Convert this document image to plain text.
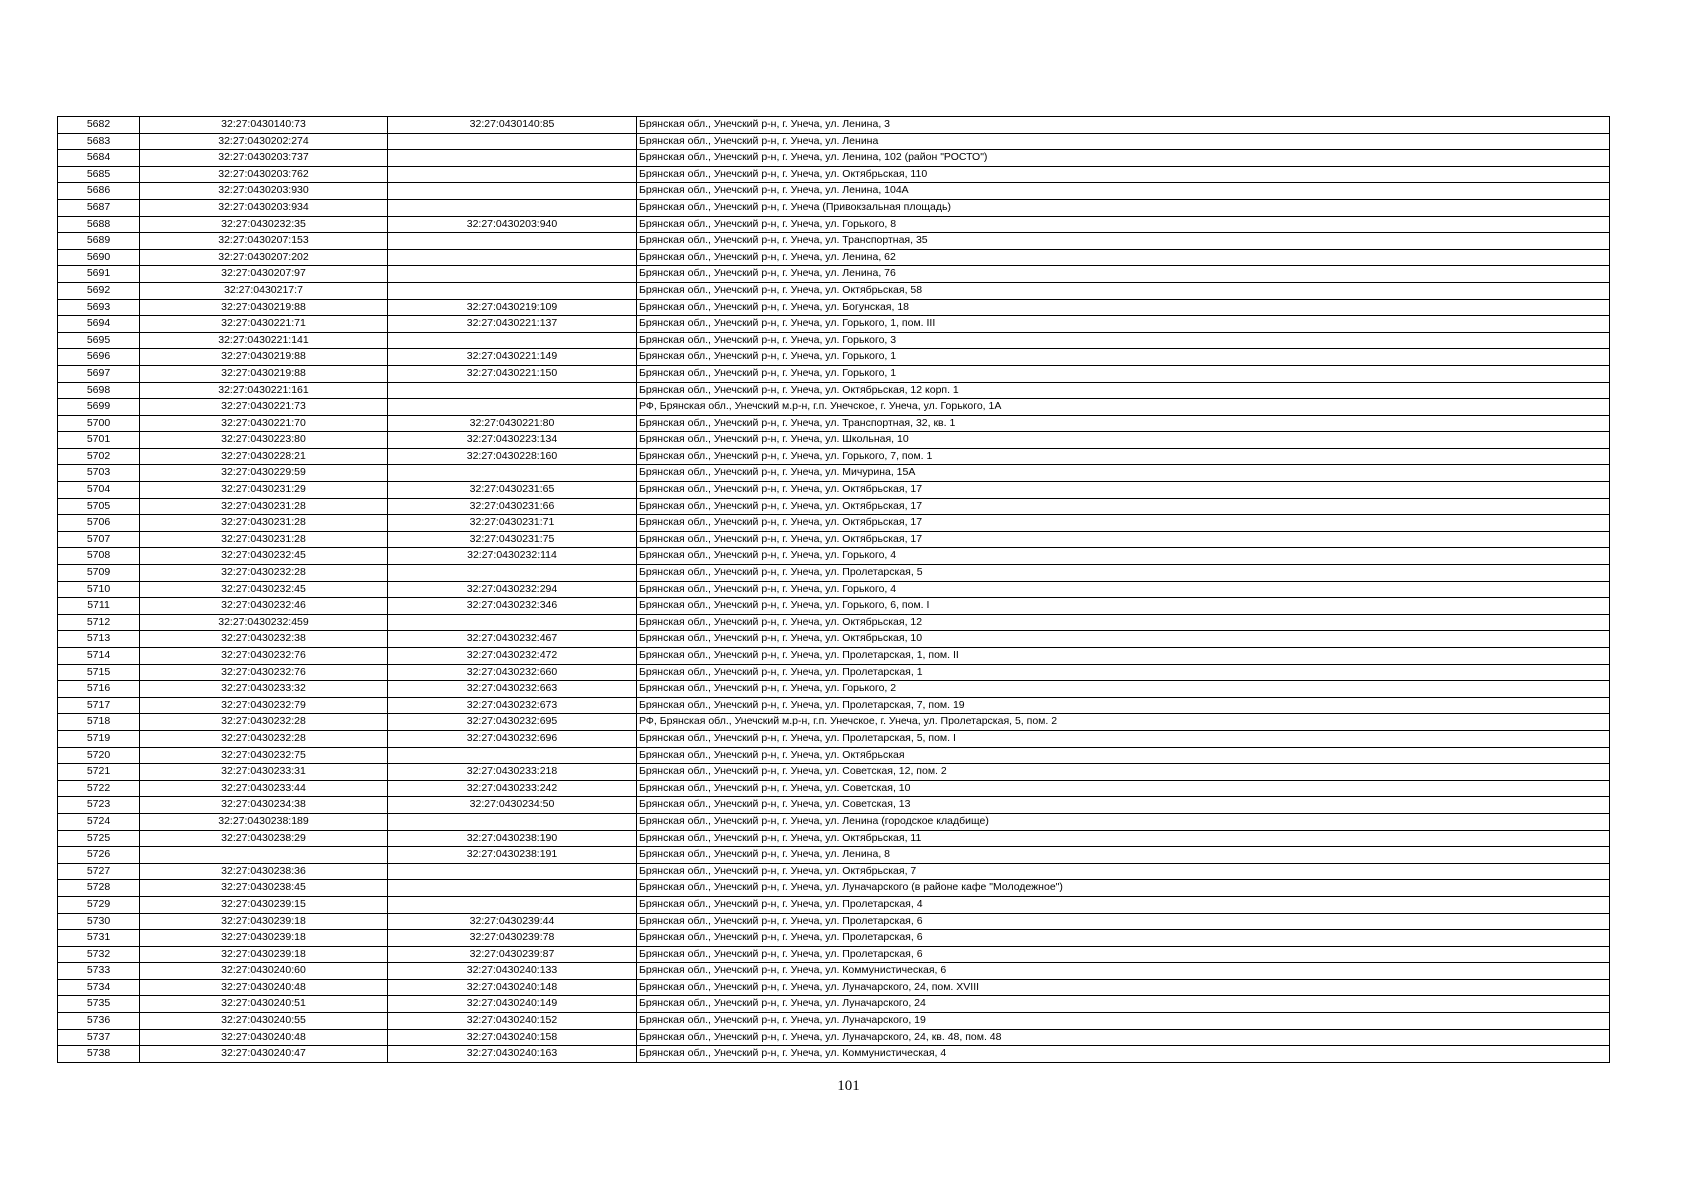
5682	32:27:0430140:73	32:27:0430140:85	Брянская обл., Унечский р-н, г. Унеча, ул. Ленина, 3
5683	32:27:0430202:274		Брянская обл., Унечский р-н, г. Унеча, ул. Ленина
5684	32:27:0430203:737		Брянская обл., Унечский р-н, г. Унеча, ул. Ленина, 102 (район "РОСТО")
5685	32:27:0430203:762		Брянская обл., Унечский р-н, г. Унеча, ул. Октябрьская, 110
5686	32:27:0430203:930		Брянская обл., Унечский р-н, г. Унеча, ул. Ленина, 104А
5687	32:27:0430203:934		Брянская обл., Унечский р-н, г. Унеча (Привокзальная площадь)
5688	32:27:0430232:35	32:27:0430203:940	Брянская обл., Унечский р-н, г. Унеча, ул. Горького, 8
5689	32:27:0430207:153		Брянская обл., Унечский р-н, г. Унеча, ул. Транспортная, 35
5690	32:27:0430207:202		Брянская обл., Унечский р-н, г. Унеча, ул. Ленина, 62
5691	32:27:0430207:97		Брянская обл., Унечский р-н, г. Унеча, ул. Ленина, 76
5692	32:27:0430217:7		Брянская обл., Унечский р-н, г. Унеча, ул. Октябрьская, 58
5693	32:27:0430219:88	32:27:0430219:109	Брянская обл., Унечский р-н, г. Унеча, ул. Богунская, 18
5694	32:27:0430221:71	32:27:0430221:137	Брянская обл., Унечский р-н, г. Унеча, ул. Горького, 1, пом. III
5695	32:27:0430221:141		Брянская обл., Унечский р-н, г. Унеча, ул. Горького, 3
5696	32:27:0430219:88	32:27:0430221:149	Брянская обл., Унечский р-н, г. Унеча, ул. Горького, 1
5697	32:27:0430219:88	32:27:0430221:150	Брянская обл., Унечский р-н, г. Унеча, ул. Горького, 1
5698	32:27:0430221:161		Брянская обл., Унечский р-н, г. Унеча, ул. Октябрьская, 12 корп. 1
5699	32:27:0430221:73		РФ, Брянская обл., Унечский м.р-н, г.п. Унечское, г. Унеча, ул. Горького, 1А
5700	32:27:0430221:70	32:27:0430221:80	Брянская обл., Унечский р-н, г. Унеча, ул. Транспортная, 32, кв. 1
5701	32:27:0430223:80	32:27:0430223:134	Брянская обл., Унечский р-н, г. Унеча, ул. Школьная, 10
5702	32:27:0430228:21	32:27:0430228:160	Брянская обл., Унечский р-н, г. Унеча, ул. Горького, 7, пом. 1
5703	32:27:0430229:59		Брянская обл., Унечский р-н, г. Унеча, ул. Мичурина, 15А
5704	32:27:0430231:29	32:27:0430231:65	Брянская обл., Унечский р-н, г. Унеча, ул. Октябрьская, 17
5705	32:27:0430231:28	32:27:0430231:66	Брянская обл., Унечский р-н, г. Унеча, ул. Октябрьская, 17
5706	32:27:0430231:28	32:27:0430231:71	Брянская обл., Унечский р-н, г. Унеча, ул. Октябрьская, 17
5707	32:27:0430231:28	32:27:0430231:75	Брянская обл., Унечский р-н, г. Унеча, ул. Октябрьская, 17
5708	32:27:0430232:45	32:27:0430232:114	Брянская обл., Унечский р-н, г. Унеча, ул. Горького, 4
5709	32:27:0430232:28		Брянская обл., Унечский р-н, г. Унеча, ул. Пролетарская, 5
5710	32:27:0430232:45	32:27:0430232:294	Брянская обл., Унечский р-н, г. Унеча, ул. Горького, 4
5711	32:27:0430232:46	32:27:0430232:346	Брянская обл., Унечский р-н, г. Унеча, ул. Горького, 6, пом. I
5712	32:27:0430232:459		Брянская обл., Унечский р-н, г. Унеча, ул. Октябрьская, 12
5713	32:27:0430232:38	32:27:0430232:467	Брянская обл., Унечский р-н, г. Унеча, ул. Октябрьская, 10
5714	32:27:0430232:76	32:27:0430232:472	Брянская обл., Унечский р-н, г. Унеча, ул. Пролетарская, 1, пом. II
5715	32:27:0430232:76	32:27:0430232:660	Брянская обл., Унечский р-н, г. Унеча, ул. Пролетарская, 1
5716	32:27:0430233:32	32:27:0430232:663	Брянская обл., Унечский р-н, г. Унеча, ул. Горького, 2
5717	32:27:0430232:79	32:27:0430232:673	Брянская обл., Унечский р-н, г. Унеча, ул. Пролетарская, 7, пом. 19
5718	32:27:0430232:28	32:27:0430232:695	РФ, Брянская обл., Унечский м.р-н, г.п. Унечское, г. Унеча, ул. Пролетарская, 5, пом. 2
5719	32:27:0430232:28	32:27:0430232:696	Брянская обл., Унечский р-н, г. Унеча, ул. Пролетарская, 5, пом. I
5720	32:27:0430232:75		Брянская обл., Унечский р-н, г. Унеча, ул. Октябрьская
5721	32:27:0430233:31	32:27:0430233:218	Брянская обл., Унечский р-н, г. Унеча, ул. Советская, 12, пом. 2
5722	32:27:0430233:44	32:27:0430233:242	Брянская обл., Унечский р-н, г. Унеча, ул. Советская, 10
5723	32:27:0430234:38	32:27:0430234:50	Брянская обл., Унечский р-н, г. Унеча, ул. Советская, 13
5724	32:27:0430238:189		Брянская обл., Унечский р-н, г. Унеча, ул. Ленина (городское кладбище)
5725	32:27:0430238:29	32:27:0430238:190	Брянская обл., Унечский р-н, г. Унеча, ул. Октябрьская, 11
5726		32:27:0430238:191	Брянская обл., Унечский р-н, г. Унеча, ул. Ленина, 8
5727	32:27:0430238:36		Брянская обл., Унечский р-н, г. Унеча, ул. Октябрьская, 7
5728	32:27:0430238:45		Брянская обл., Унечский р-н, г. Унеча, ул. Луначарского (в районе кафе "Молодежное")
5729	32:27:0430239:15		Брянская обл., Унечский р-н, г. Унеча, ул. Пролетарская, 4
5730	32:27:0430239:18	32:27:0430239:44	Брянская обл., Унечский р-н, г. Унеча, ул. Пролетарская, 6
5731	32:27:0430239:18	32:27:0430239:78	Брянская обл., Унечский р-н, г. Унеча, ул. Пролетарская, 6
5732	32:27:0430239:18	32:27:0430239:87	Брянская обл., Унечский р-н, г. Унеча, ул. Пролетарская, 6
5733	32:27:0430240:60	32:27:0430240:133	Брянская обл., Унечский р-н, г. Унеча, ул. Коммунистическая, 6
5734	32:27:0430240:48	32:27:0430240:148	Брянская обл., Унечский р-н, г. Унеча, ул. Луначарского, 24, пом. XVIII
5735	32:27:0430240:51	32:27:0430240:149	Брянская обл., Унечский р-н, г. Унеча, ул. Луначарского, 24
5736	32:27:0430240:55	32:27:0430240:152	Брянская обл., Унечский р-н, г. Унеча, ул. Луначарского, 19
5737	32:27:0430240:48	32:27:0430240:158	Брянская обл., Унечский р-н, г. Унеча, ул. Луначарского, 24, кв. 48, пом. 48
5738	32:27:0430240:47	32:27:0430240:163	Брянская обл., Унечский р-н, г. Унеча, ул. Коммунистическая, 4
101
